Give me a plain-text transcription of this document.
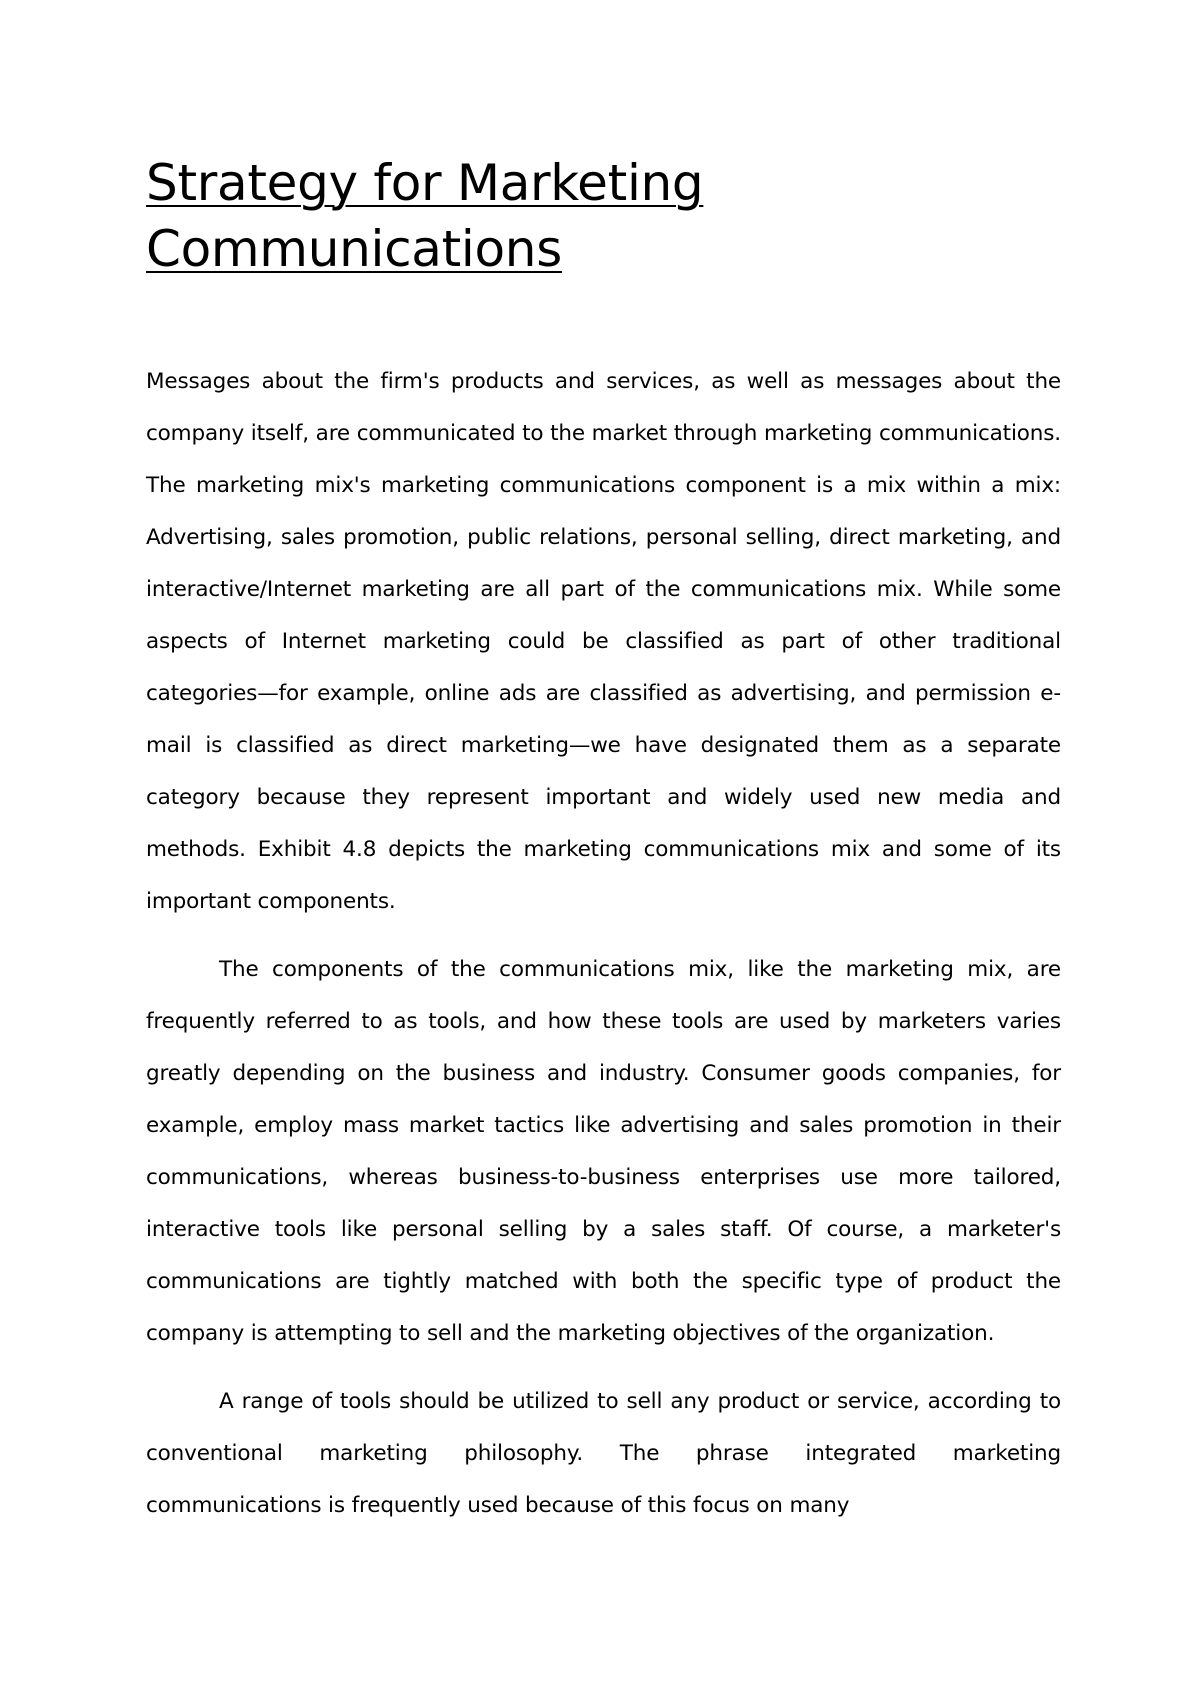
Strategy for Marketing Communications

Messages about the firm's products and services, as well as messages about the company itself, are communicated to the market through marketing communications. The marketing mix's marketing communications component is a mix within a mix: Advertising, sales promotion, public relations, personal selling, direct marketing, and interactive/Internet marketing are all part of the communications mix. While some aspects of Internet marketing could be classified as part of other traditional categories—for example, online ads are classified as advertising, and permission e-mail is classified as direct marketing—we have designated them as a separate category because they represent important and widely used new media and methods. Exhibit 4.8 depicts the marketing communications mix and some of its important components.

The components of the communications mix, like the marketing mix, are frequently referred to as tools, and how these tools are used by marketers varies greatly depending on the business and industry. Consumer goods companies, for example, employ mass market tactics like advertising and sales promotion in their communications, whereas business-to-business enterprises use more tailored, interactive tools like personal selling by a sales staff. Of course, a marketer's communications are tightly matched with both the specific type of product the company is attempting to sell and the marketing objectives of the organization.

A range of tools should be utilized to sell any product or service, according to conventional marketing philosophy. The phrase integrated marketing communications is frequently used because of this focus on many
